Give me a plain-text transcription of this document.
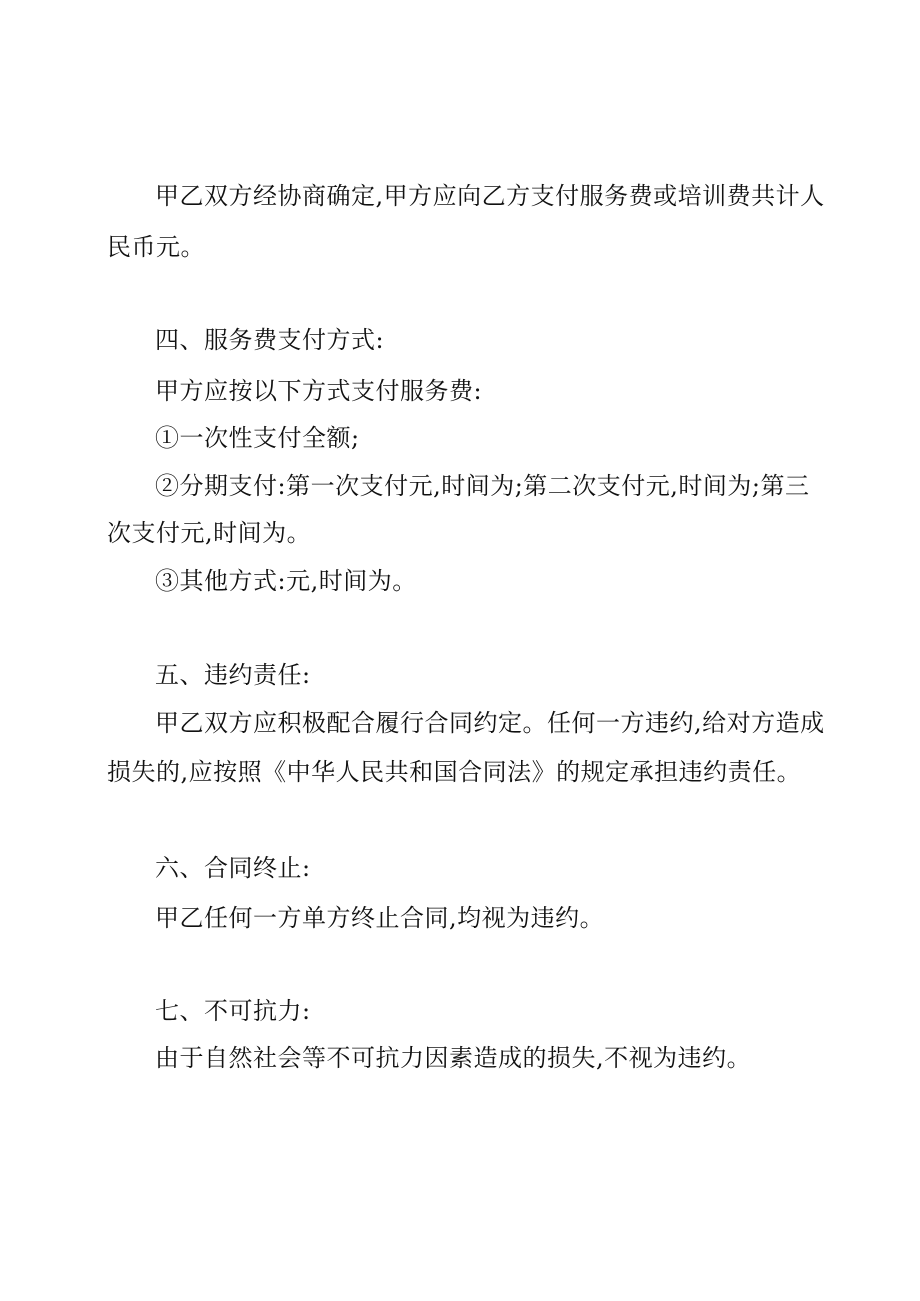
甲乙双方经协商确定,甲方应向乙方支付服务费或培训费共计人
民币元。
四、服务费支付方式:
甲方应按以下方式支付服务费:
①一次性支付全额;
②分期支付:第一次支付元,时间为;第二次支付元,时间为;第三
次支付元,时间为。
③其他方式:元,时间为。
五、违约责任:
甲乙双方应积极配合履行合同约定。任何一方违约,给对方造成
损失的,应按照《中华人民共和国合同法》的规定承担违约责任。
六、合同终止:
甲乙任何一方单方终止合同,均视为违约。
七、不可抗力:
由于自然社会等不可抗力因素造成的损失,不视为违约。
